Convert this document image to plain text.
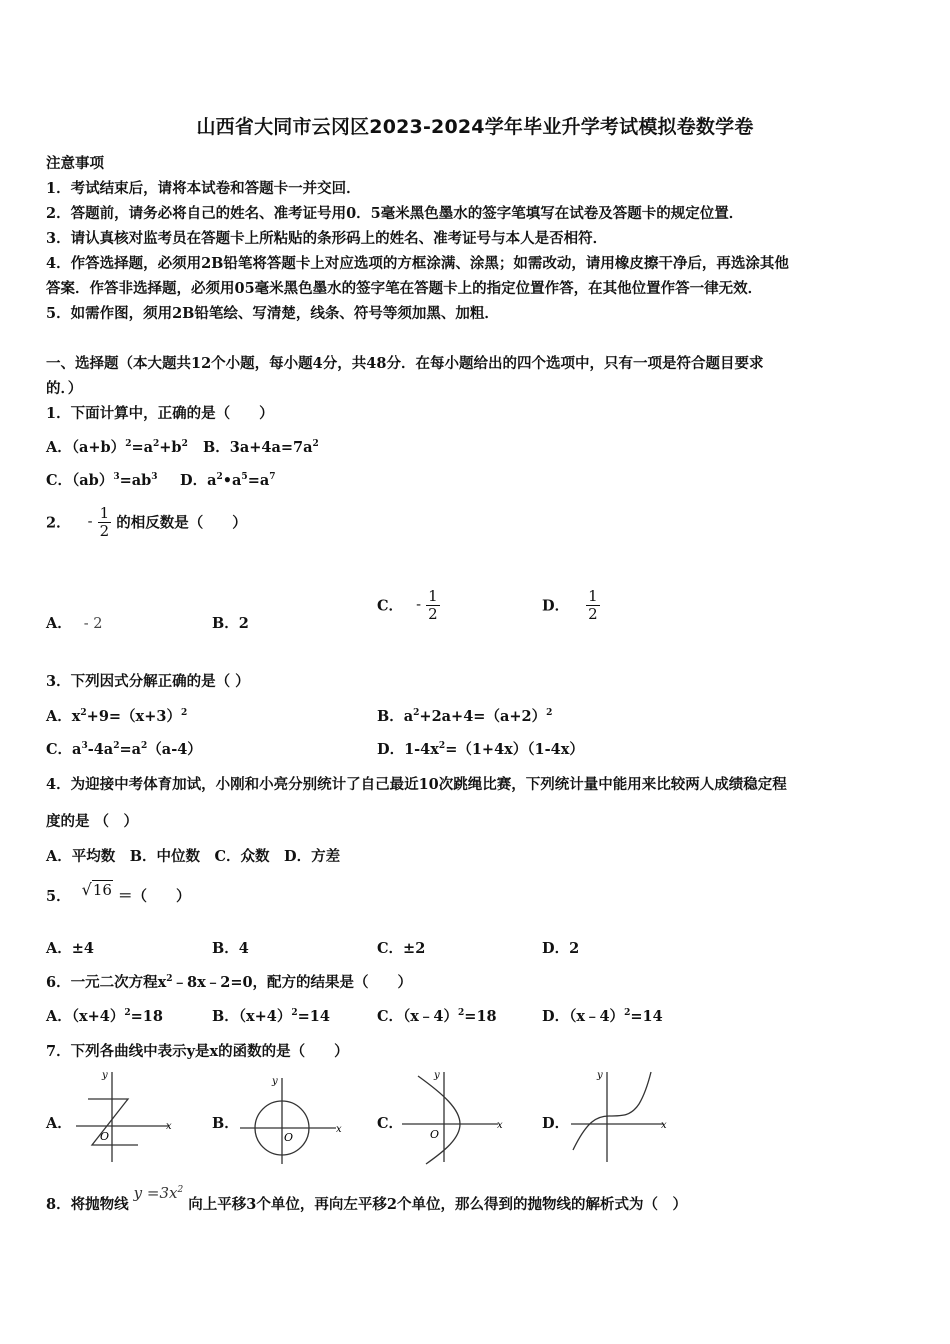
山西省大同市云冈区2023-2024学年毕业升学考试模拟卷数学卷
注意事项
1．考试结束后，请将本试卷和答题卡一并交回．
2．答题前，请务必将自己的姓名、准考证号用0．5毫米黑色墨水的签字笔填写在试卷及答题卡的规定位置．
3．请认真核对监考员在答题卡上所粘贴的条形码上的姓名、准考证号与本人是否相符．
4．作答选择题，必须用2B铅笔将答题卡上对应选项的方框涂满、涂黑；如需改动，请用橡皮擦干净后，再选涂其他
答案．作答非选择题，必须用05毫米黑色墨水的签字笔在答题卡上的指定位置作答，在其他位置作答一律无效．
5．如需作图，须用2B铅笔绘、写清楚，线条、符号等须加黑、加粗．
一、选择题（本大题共12个小题，每小题4分，共48分．在每小题给出的四个选项中，只有一项是符合题目要求
的．）
1．下面计算中，正确的是（　　）
A．$(a+b)^2=a^2+b^2$ B．$3a+4a=7a^2$
C．$(ab)^3=ab^3$ D．$a^2•a^5=a^7$
2． - $\frac{1}{2}$ 的相反数是（　　）
A． - 2	B．2
C． - $\frac{1}{2}$	D． $\frac{1}{2}$
3．下列因式分解正确的是（ ）
A．$x^2+9=(x+3)^2$	B．$a^2+2a+4=(a+2)^2$
C．$a^3-4a^2=a^2(a-4)$	D．$1-4x^2=(1+4x)(1-4x)$
4．为迎接中考体育加试，小刚和小亮分别统计了自己最近10次跳绳比赛，下列统计量中能用来比较两人成绩稳定程
度的是 （　）
A．平均数　B．中位数　C．众数　D．方差
5． √16 ＝（　　）
A．±4	B．4	C．±2	D．2
6．一元二次方程$x^2﹣8x﹣2=0$，配方的结果是（　　）
A．$(x+4)^2=18$	B．$(x+4)^2=14$	C．（x﹣4）$^2$=18	D．（x﹣4）$^2$=14
7．下列各曲线中表示y是x的函数的是（　　）
A．	B．	C．	D．
x
y
O
x
y
O
x
y
O
x
y
8．将抛物线 $y =3x^2$ 向上平移3个单位，再向左平移2个单位，那么得到的抛物线的解析式为（　）
